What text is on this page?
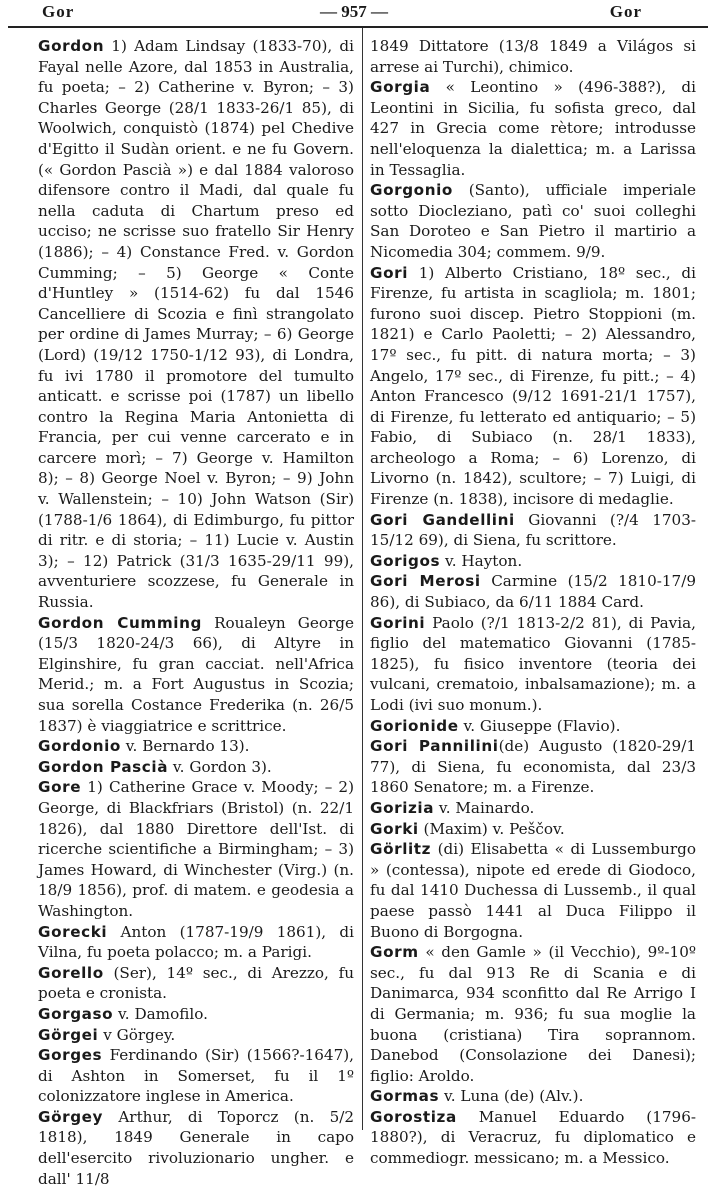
Gor	— 957 —	Gor

Gordon 1) Adam Lindsay (1833-70), di Fayal nelle Azore, dal 1853 in Australia, fu poeta; – 2) Catherine v. Byron; – 3) Charles George (28/1 1833-26/1 85), di Woolwich, conquistò (1874) pel Chedive d'Egitto il Sudàn orient. e ne fu Govern. (« Gordon Pascià ») e dal 1884 valoroso difensore contro il Madi, dal quale fu nella caduta di Chartum preso ed ucciso; ne scrisse suo fratello Sir Henry (1886); – 4) Constance Fred. v. Gordon Cumming; – 5) George « Conte d'Huntley » (1514-62) fu dal 1546 Cancelliere di Scozia e finì strangolato per ordine di James Murray; – 6) George (Lord) (19/12 1750-1/12 93), di Londra, fu ivi 1780 il promotore del tumulto anticatt. e scrisse poi (1787) un libello contro la Regina Maria Antonietta di Francia, per cui venne carcerato e in carcere morì; – 7) George v. Hamilton 8); – 8) George Noel v. Byron; – 9) John v. Wallenstein; – 10) John Watson (Sir) (1788-1/6 1864), di Edimburgo, fu pittor di ritr. e di storia; – 11) Lucie v. Austin 3); – 12) Patrick (31/3 1635-29/11 99), avventuriere scozzese, fu Generale in Russia.

Gordon Cumming Roualeyn George (15/3 1820-24/3 66), di Altyre in Elginshire, fu gran cacciat. nell'Africa Merid.; m. a Fort Augustus in Scozia; sua sorella Costance Frederika (n. 26/5 1837) è viaggiatrice e scrittrice.

Gordonio v. Bernardo 13).

Gordon Pascià v. Gordon 3).

Gore 1) Catherine Grace v. Moody; – 2) George, di Blackfriars (Bristol) (n. 22/1 1826), dal 1880 Direttore dell'Ist. di ricerche scientifiche a Birmingham; – 3) James Howard, di Winchester (Virg.) (n. 18/9 1856), prof. di matem. e geodesia a Washington.

Gorecki Anton (1787-19/9 1861), di Vilna, fu poeta polacco; m. a Parigi.

Gorello (Ser), 14º sec., di Arezzo, fu poeta e cronista.

Gorgaso v. Damofilo.

Görgei v Görgey.

Gorges Ferdinando (Sir) (1566?-1647), di Ashton in Somerset, fu il 1º colonizzatore inglese in America.

Görgey Arthur, di Toporcz (n. 5/2 1818), 1849 Generale in capo dell'esercito rivoluzionario ungher. e dall' 11/8

1849 Dittatore (13/8 1849 a Világos si arrese ai Turchi), chimico.

Gorgia « Leontino » (496-388?), di Leontini in Sicilia, fu sofista greco, dal 427 in Grecia come rètore; introdusse nell'eloquenza la dialettica; m. a Larissa in Tessaglia.

Gorgonio (Santo), ufficiale imperiale sotto Diocleziano, patì co' suoi colleghi San Doroteo e San Pietro il martirio a Nicomedia 304; commem. 9/9.

Gori 1) Alberto Cristiano, 18º sec., di Firenze, fu artista in scagliola; m. 1801; furono suoi discep. Pietro Stoppioni (m. 1821) e Carlo Paoletti; – 2) Alessandro, 17º sec., fu pitt. di natura morta; – 3) Angelo, 17º sec., di Firenze, fu pitt.; – 4) Anton Francesco (9/12 1691-21/1 1757), di Firenze, fu letterato ed antiquario; – 5) Fabio, di Subiaco (n. 28/1 1833), archeologo a Roma; – 6) Lorenzo, di Livorno (n. 1842), scultore; – 7) Luigi, di Firenze (n. 1838), incisore di medaglie.

Gori Gandellini Giovanni (?/4 1703-15/12 69), di Siena, fu scrittore.

Gorigos v. Hayton.

Gori Merosi Carmine (15/2 1810-17/9 86), di Subiaco, da 6/11 1884 Card.

Gorini Paolo (?/1 1813-2/2 81), di Pavia, figlio del matematico Giovanni (1785-1825), fu fisico inventore (teoria dei vulcani, crematoio, inbalsamazione); m. a Lodi (ivi suo monum.).

Gorionide v. Giuseppe (Flavio).

Gori Pannilini(de) Augusto (1820-29/1 77), di Siena, fu economista, dal 23/3 1860 Senatore; m. a Firenze.

Gorizia v. Mainardo.

Gorki (Maxim) v. Peščov.

Görlitz (di) Elisabetta « di Lussemburgo » (contessa), nipote ed erede di Giodoco, fu dal 1410 Duchessa di Lussemb., il qual paese passò 1441 al Duca Filippo il Buono di Borgogna.

Gorm « den Gamle » (il Vecchio), 9º-10º sec., fu dal 913 Re di Scania e di Danimarca, 934 sconfitto dal Re Arrigo I di Germania; m. 936; fu sua moglie la buona (cristiana) Tira soprannom. Danebod (Consolazione dei Danesi); figlio: Aroldo.

Gormas v. Luna (de) (Alv.).

Gorostiza Manuel Eduardo (1796-1880?), di Veracruz, fu diplomatico e commediogr. messicano; m. a Messico.
